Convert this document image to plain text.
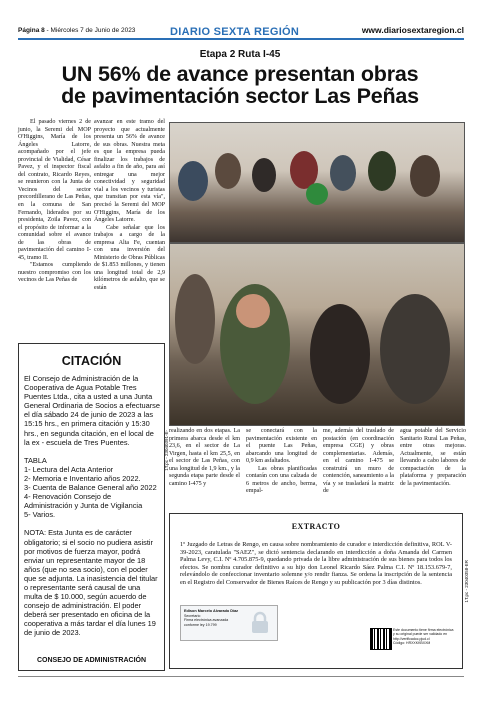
Página 8 - Miércoles 7 de Junio de 2023	DIARIO SEXTA REGIÓN	www.diariosextaregion.cl
Etapa 2 Ruta I-45
UN 56% de avance presentan obras
de pavimentación sector Las Peñas

El pasado viernes 2 de junio, la Seremi del MOP O'Higgins, María de los Ángeles Latorre, acompañado por el jefe provincial de Vialidad, César Pavez, y el inspector fiscal del contrato, Ricardo Reyes, se reunieron con la Junta de Vecinos del sector precordillerano de Las Peñas, en la comuna de San Fernando, liderados por su presidenta, Zoila Pavez, con el propósito de informar a la comunidad sobre el avance de las obras de pavimentación del camino I-45, tramo II.

"Estamos cumpliendo nuestro compromiso con los vecinos de Las Peñas de

avanzar en este tramo del proyecto que actualmente presenta un 56% de avance de sus obras. Nuestra meta es que la empresa pueda finalizar los trabajos de asfalto a fin de año, para así entregar una mejor conectividad y seguridad vial a los vecinos y turistas que transitan por esta vía", precisó la Seremi del MOP O'Higgins, María de los Ángeles Latorre.

Cabe señalar que los trabajos a cargo de la empresa Alta Fe, cuentan con una inversión del Ministerio de Obras Públicas de $1.853 millones, y tienen una longitud total de 2,9 kilómetros de asfalto, que se están

realizando en dos etapas. La primera abarca desde el km 23,6, en el sector de La Virgen, hasta el km 25,5, en el sector de Las Peñas, con una longitud de 1,9 km., y la segunda etapa parte desde el camino I-475 y

se conectará con la pavimentación existente en el puente Las Peñas, abarcando una longitud de 0,9 km asfaltados.

Las obras planificadas contarán con una calzada de 6 metros de ancho, berma, empal-

me, además del traslado de postación (en coordinación empresa CGE) y obras complementarias. Además, en el camino I-475 se construirá un muro de contención, saneamiento a la vía y se trasladará la matriz de
agua potable del Servicio Sanitario Rural Las Peñas, entre otras mejoras. Actualmente, se están llevando a cabo labores de compactación de la plataforma y preparación de la pavimentación.
CITACIÓN

El Consejo de Administración de la Cooperativa de Agua Potable Tres Puentes Ltda., cita a usted a una Junta General Ordinaria de Socios a efectuarse el día sábado 24 de junio de 2023 a las 15:15 hrs., en primera citación y 15:30 hrs., en segunda citación, en el local de la ex - escuela de Tres Puentes.

TABLA

1- Lectura del Acta Anterior

2- Memoria e Inventario años 2022.

3- Cuenta de Balance General año 2022

4- Renovación Consejo de Administración y Junta de Vigilancia

5- Varios.

NOTA: Esta Junta es de carácter obligatorio; si el socio no pudiera asistir por motivos de fuerza mayor, podrá enviar un representante mayor de 18 años (que no sea socio), con el poder que se adjunta. La inasistencia del titular o representante será causal de una multa de $ 10.000, según acuerdo de consejo de administración. El poder deberá ser presentado en oficina de la cooperativa a más tardar el día lunes 19 de junio de 2023.

CONSEJO DE ADMINISTRACIÓN
1T.pc - 23040391-E-
EXTRACTO
1º Juzgado de Letras de Rengo, en causa sobre nombramiento de curador e interdicción definitiva, ROL V-39-2023, caratulada "SAEZ", se dictó sentencia declarando en interdicción a doña Amanda del Carmen Palma Levy, C.I. Nº 4.705.875-9, quedando privada de la libre administración de sus bienes para todos los efectos. Se nombra curador definitivo a su hijo don Leonel Ricardo Sáez Palma C.I. Nº 18.153.679-7, relevándolo de confeccionar inventario solemne y/o rendir fianza. Se ordena la inscripción de la sentencia en el Registro del Conservador de Bienes Raíces de Rengo y su publicación por 3 días distintos.
Edison Marcelo Alvarado Díaz
Secretario
Firma electrónica avanzada conforme ley 19.799
Este documento tiene firma electrónica y su original puede ser validado en http://verificadoc.pjud.cl
Código: HRXXKKBXXM
1T.pc - 23040358-ER
